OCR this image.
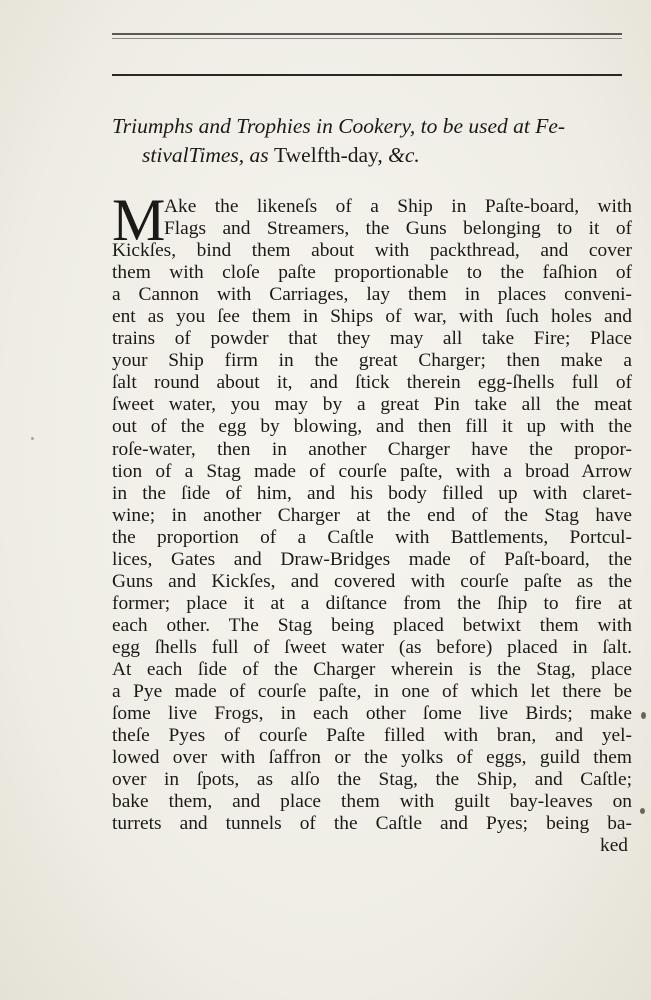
Triumphs and Trophies in Cookery, to be used at Fe-
stivalTimes, as Twelfth-day, &c.
M
Ake the likeneſs of a Ship in Paſte-board, with
Flags and Streamers, the Guns belonging to it of
Kickſes, bind them about with packthread, and cover
them with cloſe paſte proportionable to the faſhion of
a Cannon with Carriages, lay them in places conveni-
ent as you ſee them in Ships of war, with ſuch holes and
trains of powder that they may all take Fire; Place
your Ship firm in the great Charger; then make a
ſalt round about it, and ſtick therein egg-ſhells full of
ſweet water, you may by a great Pin take all the meat
out of the egg by blowing, and then fill it up with the
roſe-water, then in another Charger have the propor-
tion of a Stag made of courſe paſte, with a broad Arrow
in the ſide of him, and his body filled up with claret-
wine; in another Charger at the end of the Stag have
the proportion of a Caſtle with Battlements, Portcul-
lices, Gates and Draw-Bridges made of Paſt-board, the
Guns and Kickſes, and covered with courſe paſte as the
former; place it at a diſtance from the ſhip to fire at
each other. The Stag being placed betwixt them with
egg ſhells full of ſweet water (as before) placed in ſalt.
At each ſide of the Charger wherein is the Stag, place
a Pye made of courſe paſte, in one of which let there be
ſome live Frogs, in each other ſome live Birds; make
theſe Pyes of courſe Paſte filled with bran, and yel-
lowed over with ſaffron or the yolks of eggs, guild them
over in ſpots, as alſo the Stag, the Ship, and Caſtle;
bake them, and place them with guilt bay-leaves on
turrets and tunnels of the Caſtle and Pyes; being ba-
ked
